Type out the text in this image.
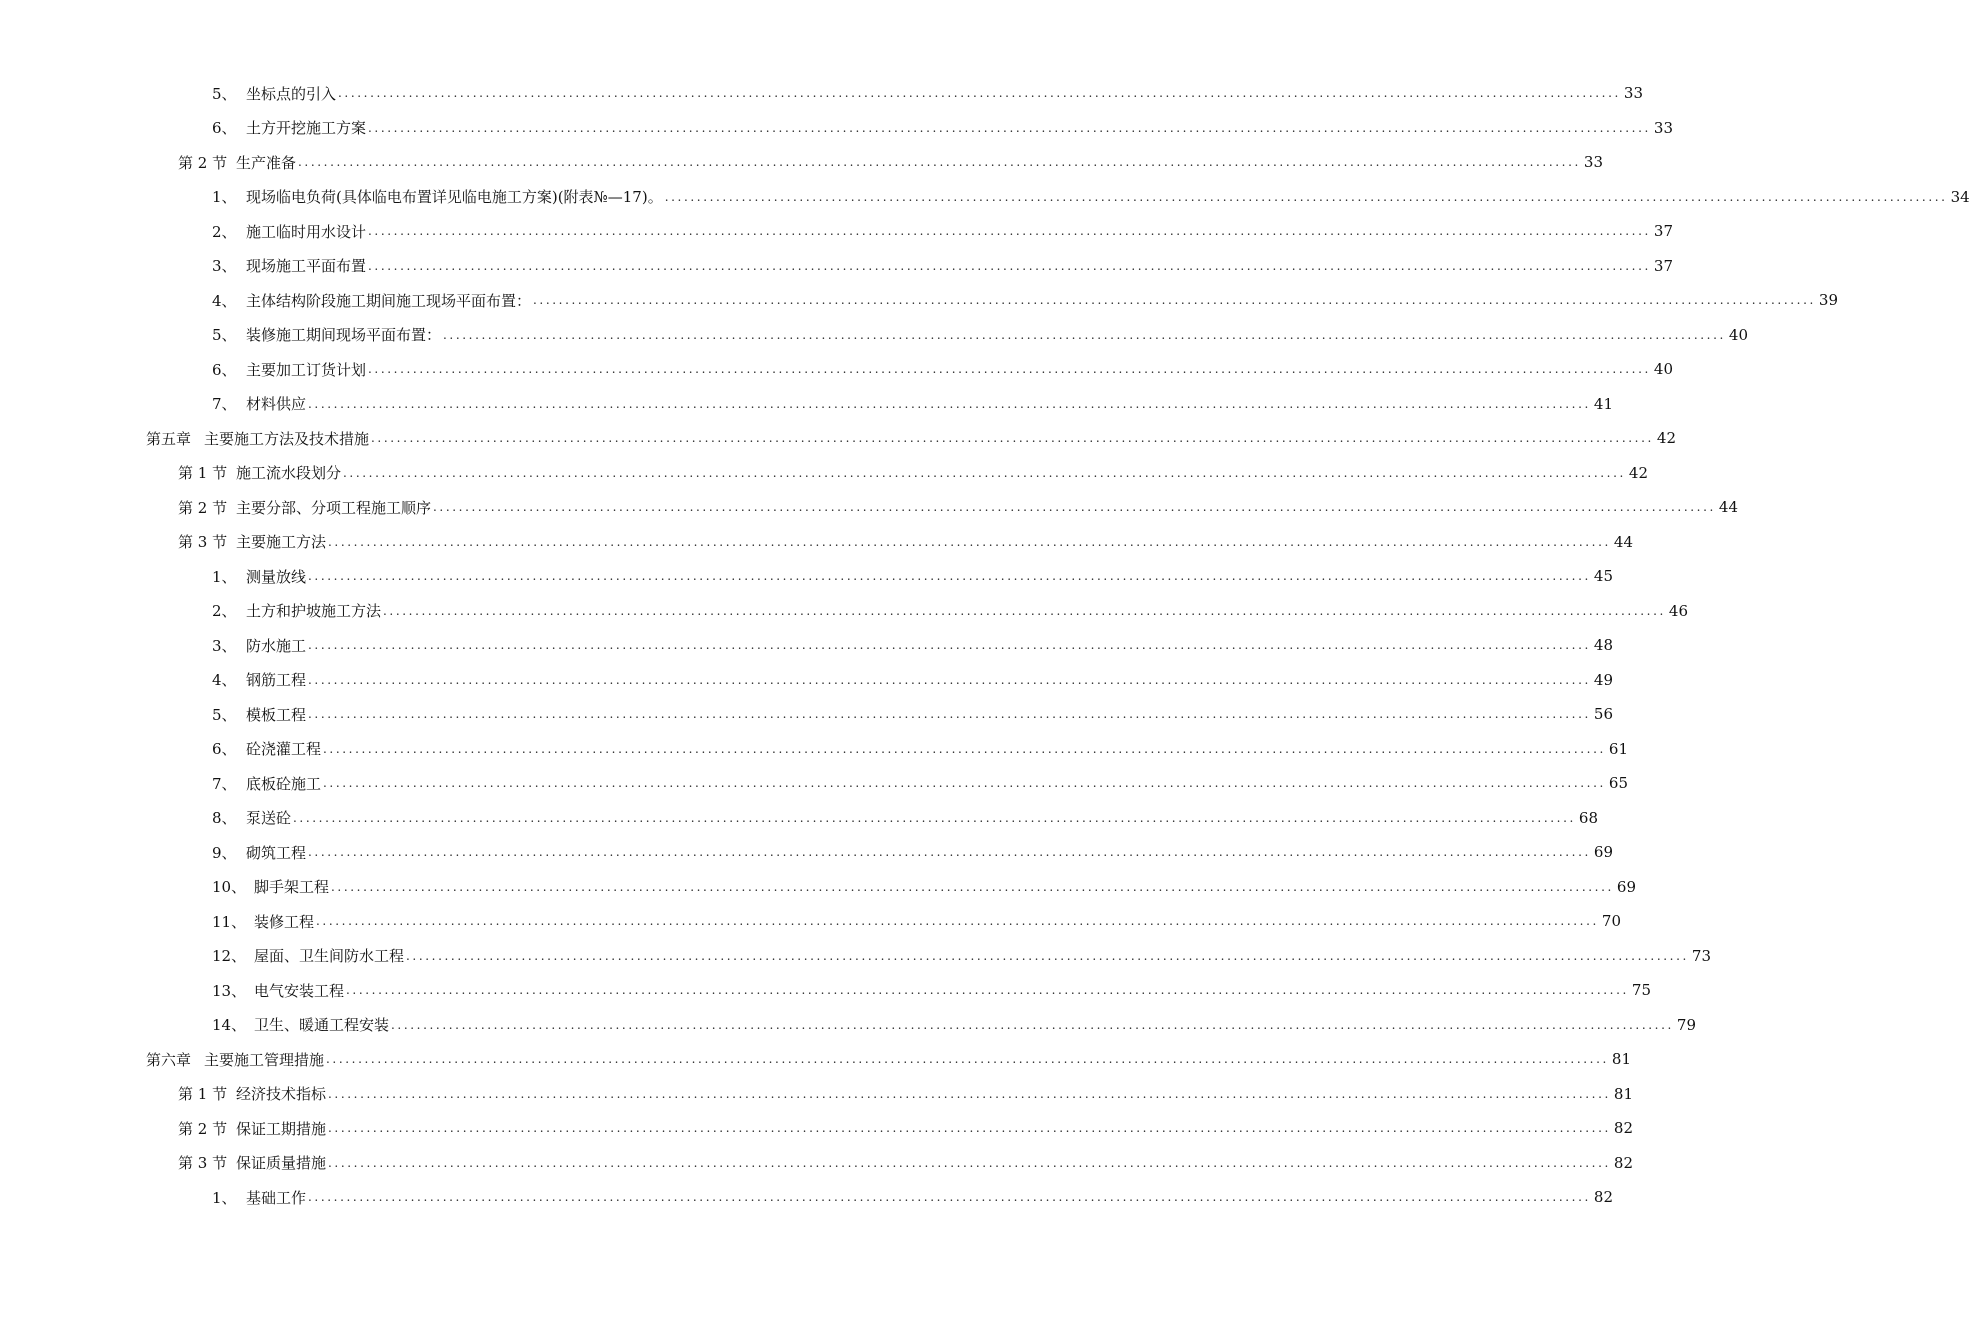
5、 坐标点的引入 ........................................................................................................................................................................................................ 33
6、 土方开挖施工方案 ........................................................................................................................................................................................................ 33
第 2 节 生产准备 ........................................................................................................................................................................................................ 33
1、 现场临电负荷(具体临电布置详见临电施工方案)(附表№—17)。 ........................................................................................................................................................................................................ 34
2、 施工临时用水设计 ........................................................................................................................................................................................................ 37
3、 现场施工平面布置 ........................................................................................................................................................................................................ 37
4、 主体结构阶段施工期间施工现场平面布置： ........................................................................................................................................................................................................ 39
5、 装修施工期间现场平面布置： ........................................................................................................................................................................................................ 40
6、 主要加工订货计划 ........................................................................................................................................................................................................ 40
7、 材料供应 ........................................................................................................................................................................................................ 41
第五章 主要施工方法及技术措施 ........................................................................................................................................................................................................ 42
第 1 节 施工流水段划分 ........................................................................................................................................................................................................ 42
第 2 节 主要分部、分项工程施工顺序 ........................................................................................................................................................................................................ 44
第 3 节 主要施工方法 ........................................................................................................................................................................................................ 44
1、 测量放线 ........................................................................................................................................................................................................ 45
2、 土方和护坡施工方法 ........................................................................................................................................................................................................ 46
3、 防水施工 ........................................................................................................................................................................................................ 48
4、 钢筋工程 ........................................................................................................................................................................................................ 49
5、 模板工程 ........................................................................................................................................................................................................ 56
6、 砼浇灌工程 ........................................................................................................................................................................................................ 61
7、 底板砼施工 ........................................................................................................................................................................................................ 65
8、 泵送砼 ........................................................................................................................................................................................................ 68
9、 砌筑工程 ........................................................................................................................................................................................................ 69
10、 脚手架工程 ........................................................................................................................................................................................................ 69
11、 装修工程 ........................................................................................................................................................................................................ 70
12、 屋面、卫生间防水工程 ........................................................................................................................................................................................................ 73
13、 电气安装工程 ........................................................................................................................................................................................................ 75
14、 卫生、暖通工程安装 ........................................................................................................................................................................................................ 79
第六章 主要施工管理措施 ........................................................................................................................................................................................................ 81
第 1 节 经济技术指标 ........................................................................................................................................................................................................ 81
第 2 节 保证工期措施 ........................................................................................................................................................................................................ 82
第 3 节 保证质量措施 ........................................................................................................................................................................................................ 82
1、 基础工作 ........................................................................................................................................................................................................ 82
